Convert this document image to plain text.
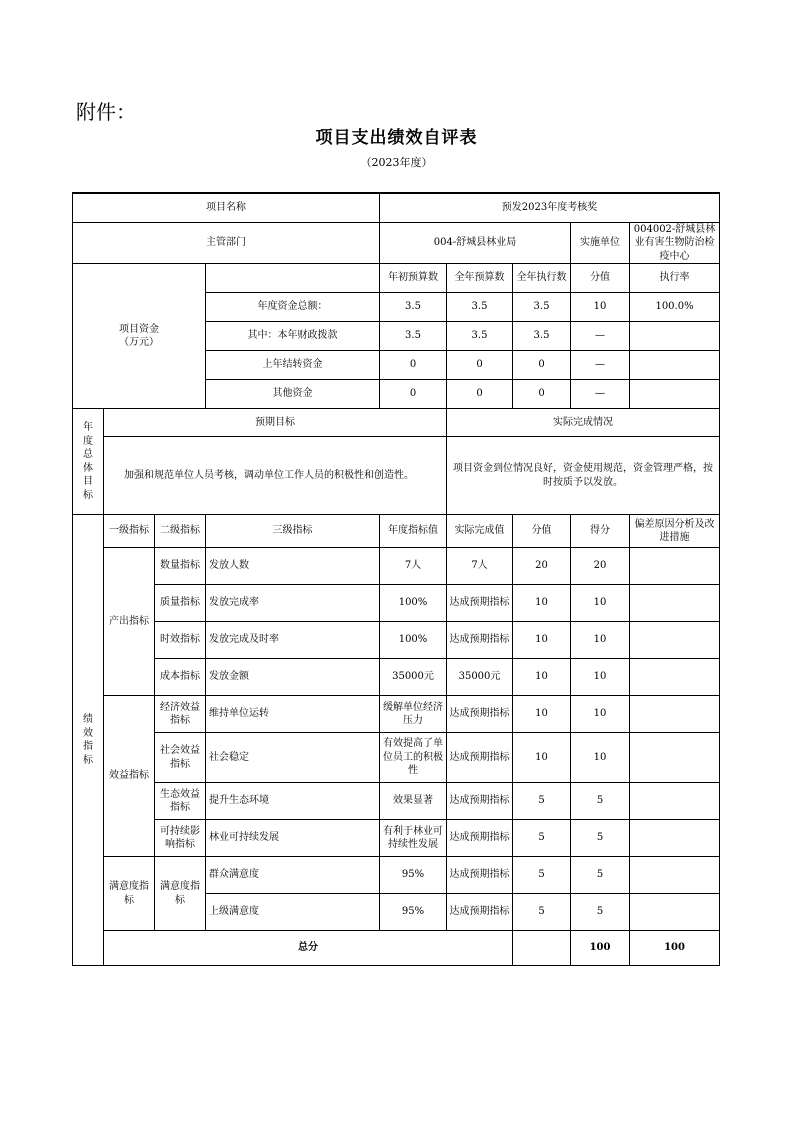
附件：
项目支出绩效自评表
（2023年度）
项目名称				预发2023年度考核奖					
主管部门				004-舒城县林业局			实施单位	004002-舒城县林业有害生物防治检疫中心	
项目资金
（万元）				年初预算数	全年预算数	全年执行数	分值	执行率	
			年度资金总额：	3.5	3.5	3.5	10	100.0%	
			其中：本年财政拨款	3.5	3.5	3.5	—		
			上年结转资金	0	0	0	—		
			其他资金	0	0	0	—		
年度总体目标	预期目标				实际完成情况				
	加强和规范单位人员考核，调动单位工作人员的积极性和创造性。				项目资金到位情况良好，资金使用规范，资金管理严格，按时按质予以发放。				
绩效指标	一级指标	二级指标	三级指标	年度指标值	实际完成值	分值	得分	偏差原因分析及改进措施	
	产出指标	数量指标	发放人数	7人	7人	20	20		
		质量指标	发放完成率	100%	达成预期指标	10	10		
		时效指标	发放完成及时率	100%	达成预期指标	10	10		
		成本指标	发放金额	35000元	35000元	10	10		
	效益指标	经济效益指标	维持单位运转	缓解单位经济压力	达成预期指标	10	10		
		社会效益指标	社会稳定	有效提高了单位员工的积极性	达成预期指标	10	10		
		生态效益指标	提升生态环境	效果显著	达成预期指标	5	5		
		可持续影响指标	林业可持续发展	有利于林业可持续性发展	达成预期指标	5	5		
	满意度指标	满意度指标	群众满意度	95%	达成预期指标	5	5		
			上级满意度	95%	达成预期指标	5	5		
	总分						100	100	
